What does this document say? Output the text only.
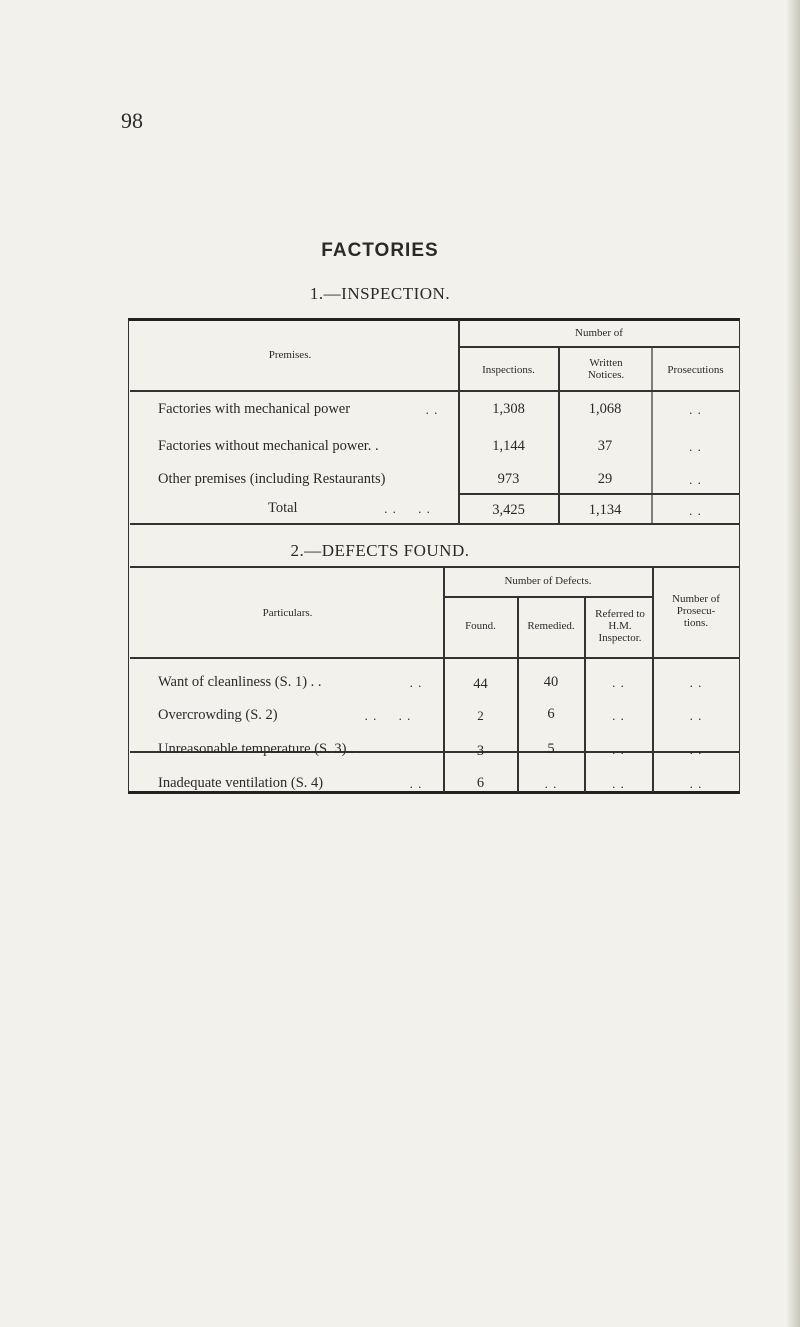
98
FACTORIES
1.—INSPECTION.
Premises.
Number of
Inspections.
Written Notices.	Prosecutions
Factories with mechanical power	. .	1,308	1,068	. .
Factories without mechanical power. .	1,144	37	. .
Other premises (including Restaurants)	973	29	. .
Total	. .     . .	3,425	1,134	. .
2.—DEFECTS FOUND.
Particulars.
Number of Defects.
Found.	Remedied.
Referred to H.M. Inspector.
Number of Prosecu- tions.
Want of cleanliness (S. 1) . .	. .	44	40	. .	. .
Overcrowding (S. 2)	. .     . .	2	6	. .	. .
Unreasonable temperature (S. 3) . .	3	5	. .	. .
Inadequate ventilation (S. 4)	. .	6	. .	. .	. .
